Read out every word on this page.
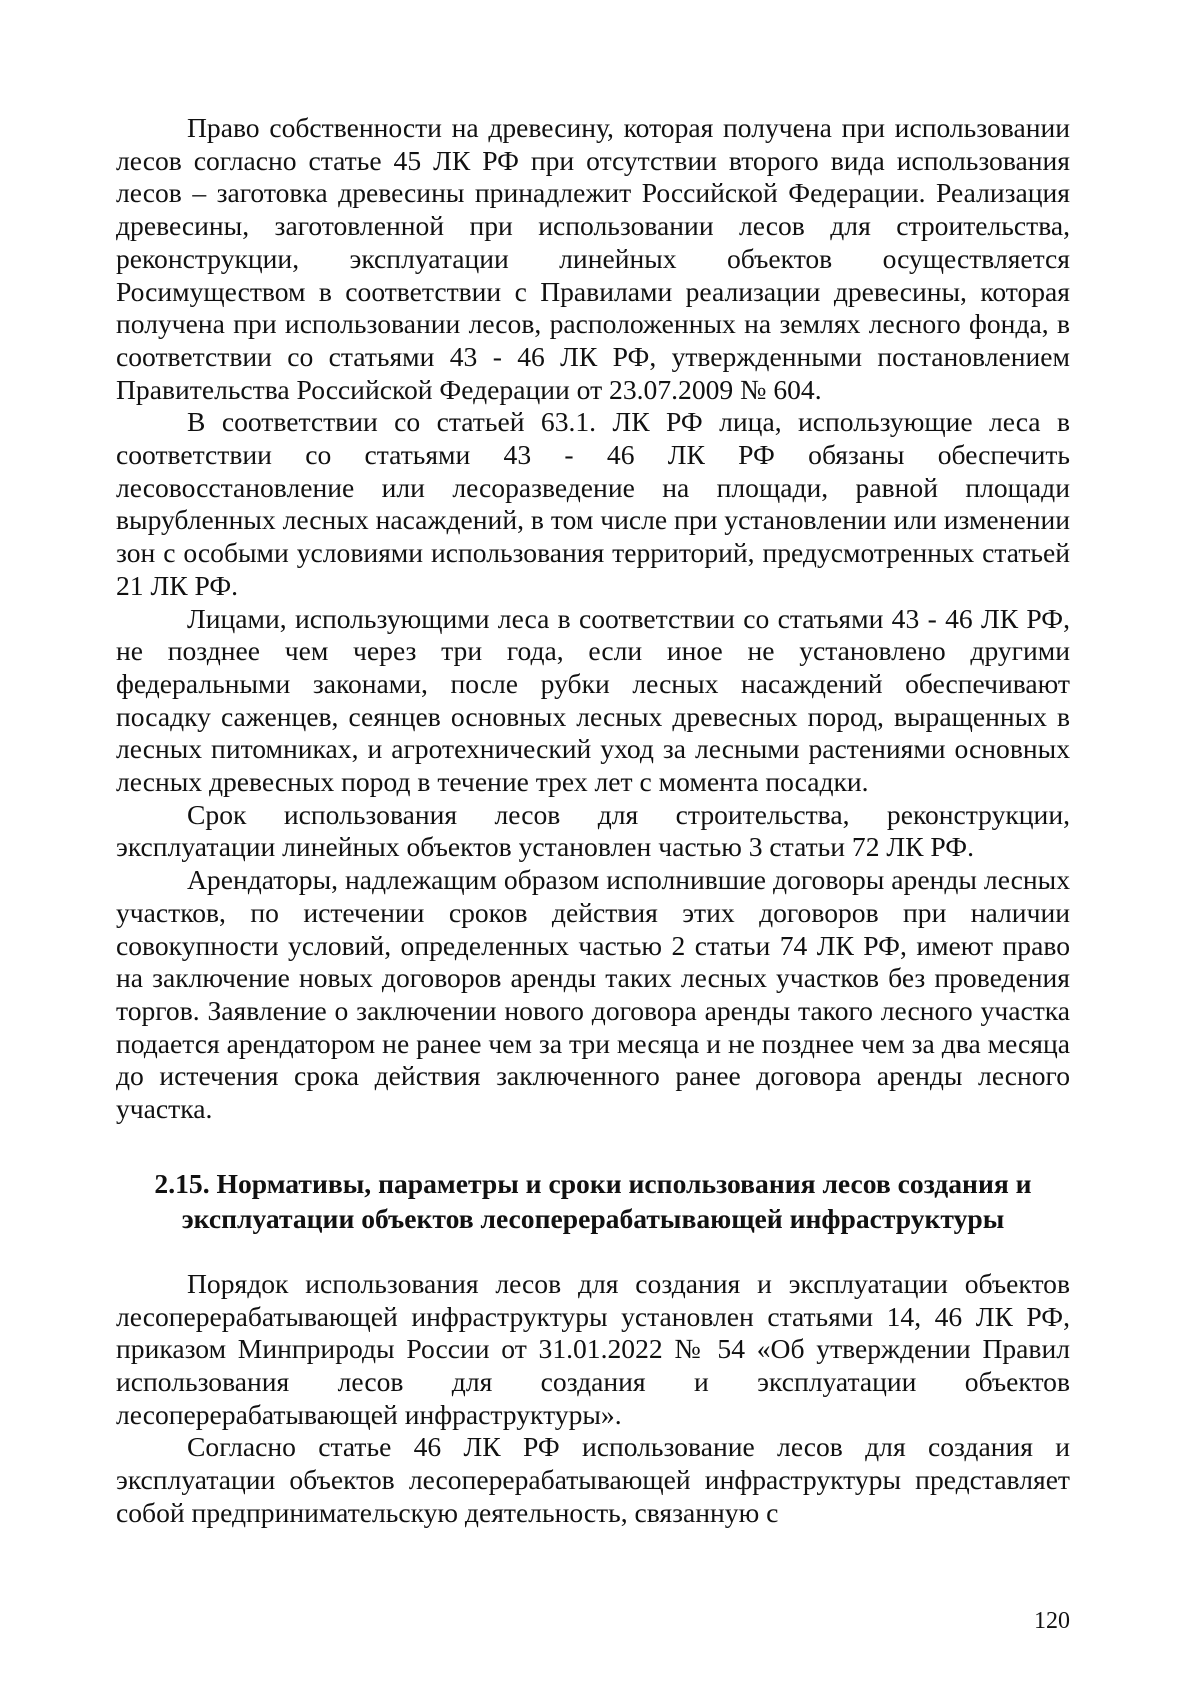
Право собственности на древесину, которая получена при использовании лесов согласно статье 45 ЛК РФ при отсутствии второго вида использования лесов – заготовка древесины принадлежит Российской Федерации. Реализация древесины, заготовленной при использовании лесов для строительства, реконструкции, эксплуатации линейных объектов осуществляется Росимуществом в соответствии с Правилами реализации древесины, которая получена при использовании лесов, расположенных на землях лесного фонда, в соответствии со статьями 43 - 46 ЛК РФ, утвержденными постановлением Правительства Российской Федерации от 23.07.2009 № 604.

В соответствии со статьей 63.1. ЛК РФ лица, использующие леса в соответствии со статьями 43 - 46 ЛК РФ обязаны обеспечить лесовосстановление или лесоразведение на площади, равной площади вырубленных лесных насаждений, в том числе при установлении или изменении зон с особыми условиями использования территорий, предусмотренных статьей 21 ЛК РФ.

Лицами, использующими леса в соответствии со статьями 43 - 46 ЛК РФ, не позднее чем через три года, если иное не установлено другими федеральными законами, после рубки лесных насаждений обеспечивают посадку саженцев, сеянцев основных лесных древесных пород, выращенных в лесных питомниках, и агротехнический уход за лесными растениями основных лесных древесных пород в течение трех лет с момента посадки.

Срок использования лесов для строительства, реконструкции, эксплуатации линейных объектов установлен частью 3 статьи 72 ЛК РФ.

Арендаторы, надлежащим образом исполнившие договоры аренды лесных участков, по истечении сроков действия этих договоров при наличии совокупности условий, определенных частью 2 статьи 74 ЛК РФ, имеют право на заключение новых договоров аренды таких лесных участков без проведения торгов. Заявление о заключении нового договора аренды такого лесного участка подается арендатором не ранее чем за три месяца и не позднее чем за два месяца до истечения срока действия заключенного ранее договора аренды лесного участка.

2.15. Нормативы, параметры и сроки использования лесов создания и
эксплуатации объектов лесоперерабатывающей инфраструктуры

Порядок использования лесов для создания и эксплуатации объектов лесоперерабатывающей инфраструктуры установлен статьями 14, 46 ЛК РФ, приказом Минприроды России от 31.01.2022 № 54 «Об утверждении Правил использования лесов для создания и эксплуатации объектов лесоперерабатывающей инфраструктуры».

Согласно статье 46 ЛК РФ использование лесов для создания и эксплуатации объектов лесоперерабатывающей инфраструктуры представляет собой предпринимательскую деятельность, связанную с

120
